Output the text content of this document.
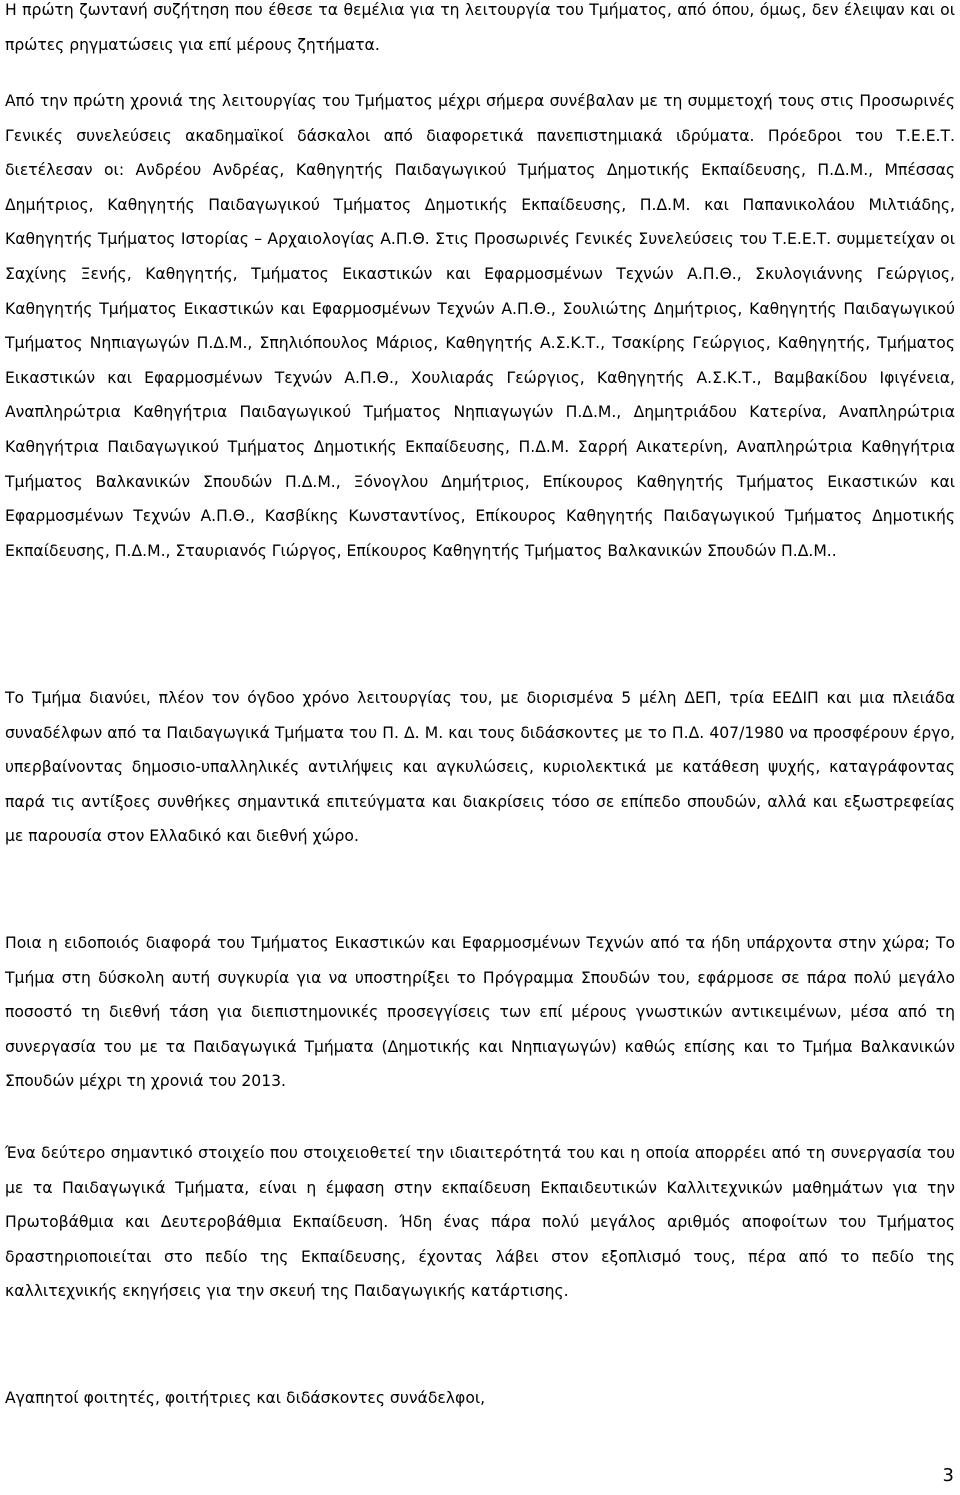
Η πρώτη ζωντανή συζήτηση που έθεσε τα θεμέλια για τη λειτουργία του Τμήματος, από όπου, όμως, δεν έλειψαν και οι πρώτες ρηγματώσεις για επί μέρους ζητήματα.

Από την πρώτη χρονιά της λειτουργίας του Τμήματος μέχρι σήμερα συνέβαλαν με τη συμμετοχή τους στις Προσωρινές Γενικές συνελεύσεις ακαδημαϊκοί δάσκαλοι από διαφορετικά πανεπιστημιακά ιδρύματα. Πρόεδροι του Τ.Ε.Ε.Τ. διετέλεσαν οι: Ανδρέου Ανδρέας, Καθηγητής Παιδαγωγικού Τμήματος Δημοτικής Εκπαίδευσης, Π.Δ.Μ., Μπέσσας Δημήτριος, Καθηγητής Παιδαγωγικού Τμήματος Δημοτικής Εκπαίδευσης, Π.Δ.Μ. και Παπανικολάου Μιλτιάδης, Καθηγητής Τμήματος Ιστορίας – Αρχαιολογίας Α.Π.Θ. Στις Προσωρινές Γενικές Συνελεύσεις του Τ.Ε.Ε.Τ. συμμετείχαν οι Σαχίνης Ξενής, Καθηγητής, Τμήματος Εικαστικών και Εφαρμοσμένων Τεχνών Α.Π.Θ., Σκυλογιάννης Γεώργιος, Καθηγητής Τμήματος Εικαστικών και Εφαρμοσμένων Τεχνών Α.Π.Θ., Σουλιώτης Δημήτριος, Καθηγητής Παιδαγωγικού Τμήματος Νηπιαγωγών Π.Δ.Μ., Σπηλιόπουλος Μάριος, Καθηγητής Α.Σ.Κ.Τ., Τσακίρης Γεώργιος, Καθηγητής, Τμήματος Εικαστικών και Εφαρμοσμένων Τεχνών Α.Π.Θ., Χουλιαράς Γεώργιος, Καθηγητής Α.Σ.Κ.Τ., Βαμβακίδου Ιφιγένεια, Αναπληρώτρια Καθηγήτρια Παιδαγωγικού Τμήματος Νηπιαγωγών Π.Δ.Μ., Δημητριάδου Κατερίνα, Αναπληρώτρια Καθηγήτρια Παιδαγωγικού Τμήματος Δημοτικής Εκπαίδευσης, Π.Δ.Μ. Σαρρή Αικατερίνη, Αναπληρώτρια Καθηγήτρια Τμήματος Βαλκανικών Σπουδών Π.Δ.Μ., Ξόνογλου Δημήτριος, Επίκουρος Καθηγητής Τμήματος Εικαστικών και Εφαρμοσμένων Τεχνών Α.Π.Θ., Κασβίκης Κωνσταντίνος, Επίκουρος Καθηγητής Παιδαγωγικού Τμήματος Δημοτικής Εκπαίδευσης, Π.Δ.Μ., Σταυριανός Γιώργος, Επίκουρος Καθηγητής Τμήματος Βαλκανικών Σπουδών Π.Δ.Μ..

Το Τμήμα διανύει, πλέον τον όγδοο χρόνο λειτουργίας του, με διορισμένα 5 μέλη ΔΕΠ, τρία ΕΕΔΙΠ και μια πλειάδα συναδέλφων από τα Παιδαγωγικά Τμήματα του Π. Δ. Μ. και τους διδάσκοντες με το Π.Δ. 407/1980 να προσφέρουν έργο, υπερβαίνοντας δημοσιο-υπαλληλικές αντιλήψεις και αγκυλώσεις, κυριολεκτικά με κατάθεση ψυχής, καταγράφοντας παρά τις αντίξοες συνθήκες σημαντικά επιτεύγματα και διακρίσεις τόσο σε επίπεδο σπουδών, αλλά και εξωστρεφείας με παρουσία στον Ελλαδικό και διεθνή χώρο.

Ποια η ειδοποιός διαφορά του Τμήματος Εικαστικών και Εφαρμοσμένων Τεχνών από τα ήδη υπάρχοντα στην χώρα; Το Τμήμα στη δύσκολη αυτή συγκυρία για να υποστηρίξει το Πρόγραμμα Σπουδών του, εφάρμοσε σε πάρα πολύ μεγάλο ποσοστό τη διεθνή τάση για διεπιστημονικές προσεγγίσεις των επί μέρους γνωστικών αντικειμένων, μέσα από τη συνεργασία του με τα Παιδαγωγικά Τμήματα (Δημοτικής και Νηπιαγωγών) καθώς επίσης και το Τμήμα Βαλκανικών Σπουδών μέχρι τη χρονιά του 2013.

Ένα δεύτερο σημαντικό στοιχείο που στοιχειοθετεί την ιδιαιτερότητά του και η οποία απορρέει από τη συνεργασία του με τα Παιδαγωγικά Τμήματα, είναι η έμφαση στην εκπαίδευση Εκπαιδευτικών Καλλιτεχνικών μαθημάτων για την Πρωτοβάθμια και Δευτεροβάθμια Εκπαίδευση. Ήδη ένας πάρα πολύ μεγάλος αριθμός αποφοίτων του Τμήματος δραστηριοποιείται στο πεδίο της Εκπαίδευσης, έχοντας λάβει στον εξοπλισμό τους, πέρα από το πεδίο της καλλιτεχνικής εκηγήσεις για την σκευή της Παιδαγωγικής κατάρτισης.

Αγαπητοί φοιτητές, φοιτήτριες και διδάσκοντες συνάδελφοι,

3
